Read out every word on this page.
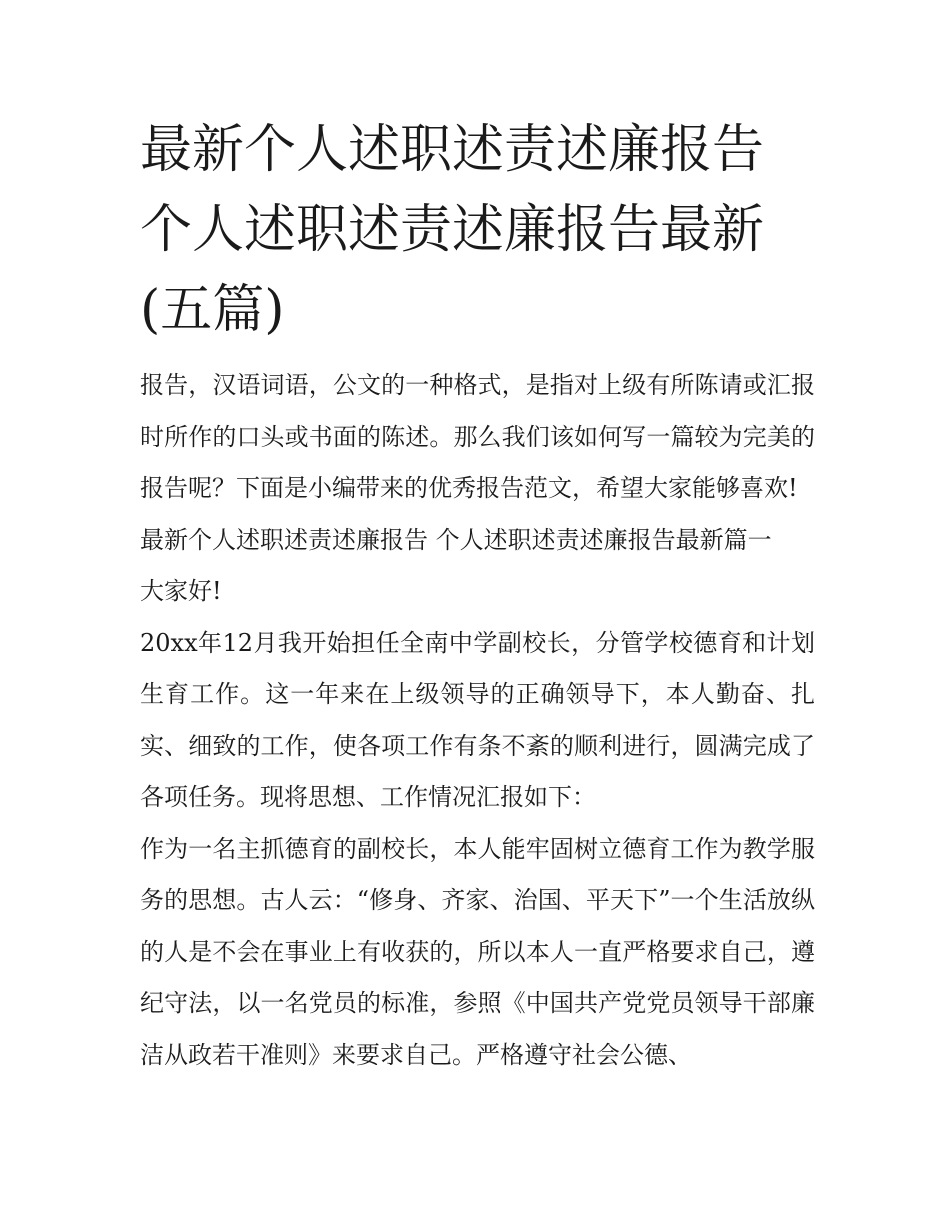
最新个人述职述责述廉报告 个人述职述责述廉报告最新(五篇)

报告，汉语词语，公文的一种格式，是指对上级有所陈请或汇报时所作的口头或书面的陈述。那么我们该如何写一篇较为完美的报告呢？下面是小编带来的优秀报告范文，希望大家能够喜欢!

最新个人述职述责述廉报告 个人述职述责述廉报告最新篇一

大家好!

20xx年12月我开始担任全南中学副校长，分管学校德育和计划生育工作。这一年来在上级领导的正确领导下，本人勤奋、扎实、细致的工作，使各项工作有条不紊的顺利进行，圆满完成了各项任务。现将思想、工作情况汇报如下：

作为一名主抓德育的副校长，本人能牢固树立德育工作为教学服务的思想。古人云：“修身、齐家、治国、平天下”一个生活放纵的人是不会在事业上有收获的，所以本人一直严格要求自己，遵纪守法，以一名党员的标准，参照《中国共产党党员领导干部廉洁从政若干准则》来要求自己。严格遵守社会公德、
